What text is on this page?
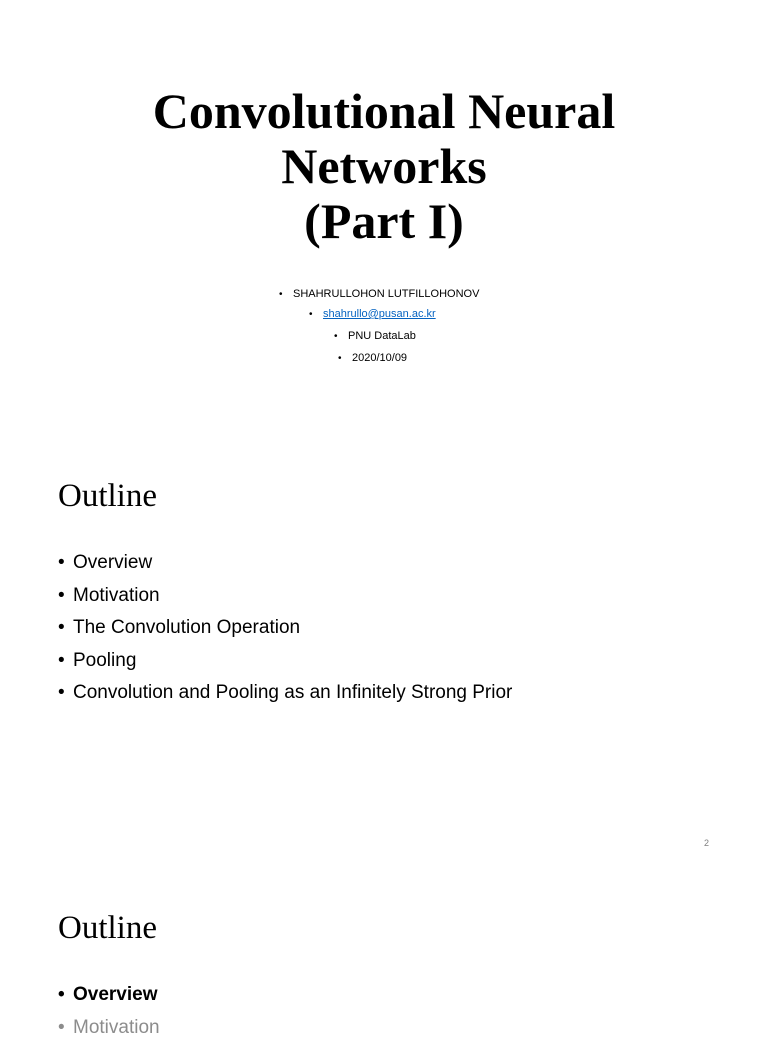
Convolutional Neural
Networks
(Part I)
• SHAHRULLOHON LUTFILLOHONOV
• shahrullo@pusan.ac.kr
• PNU DataLab
• 2020/10/09
Outline
• Overview
• Motivation
• The Convolution Operation
• Pooling
• Convolution and Pooling as an Infinitely Strong Prior
2
Outline
• Overview
• Motivation
